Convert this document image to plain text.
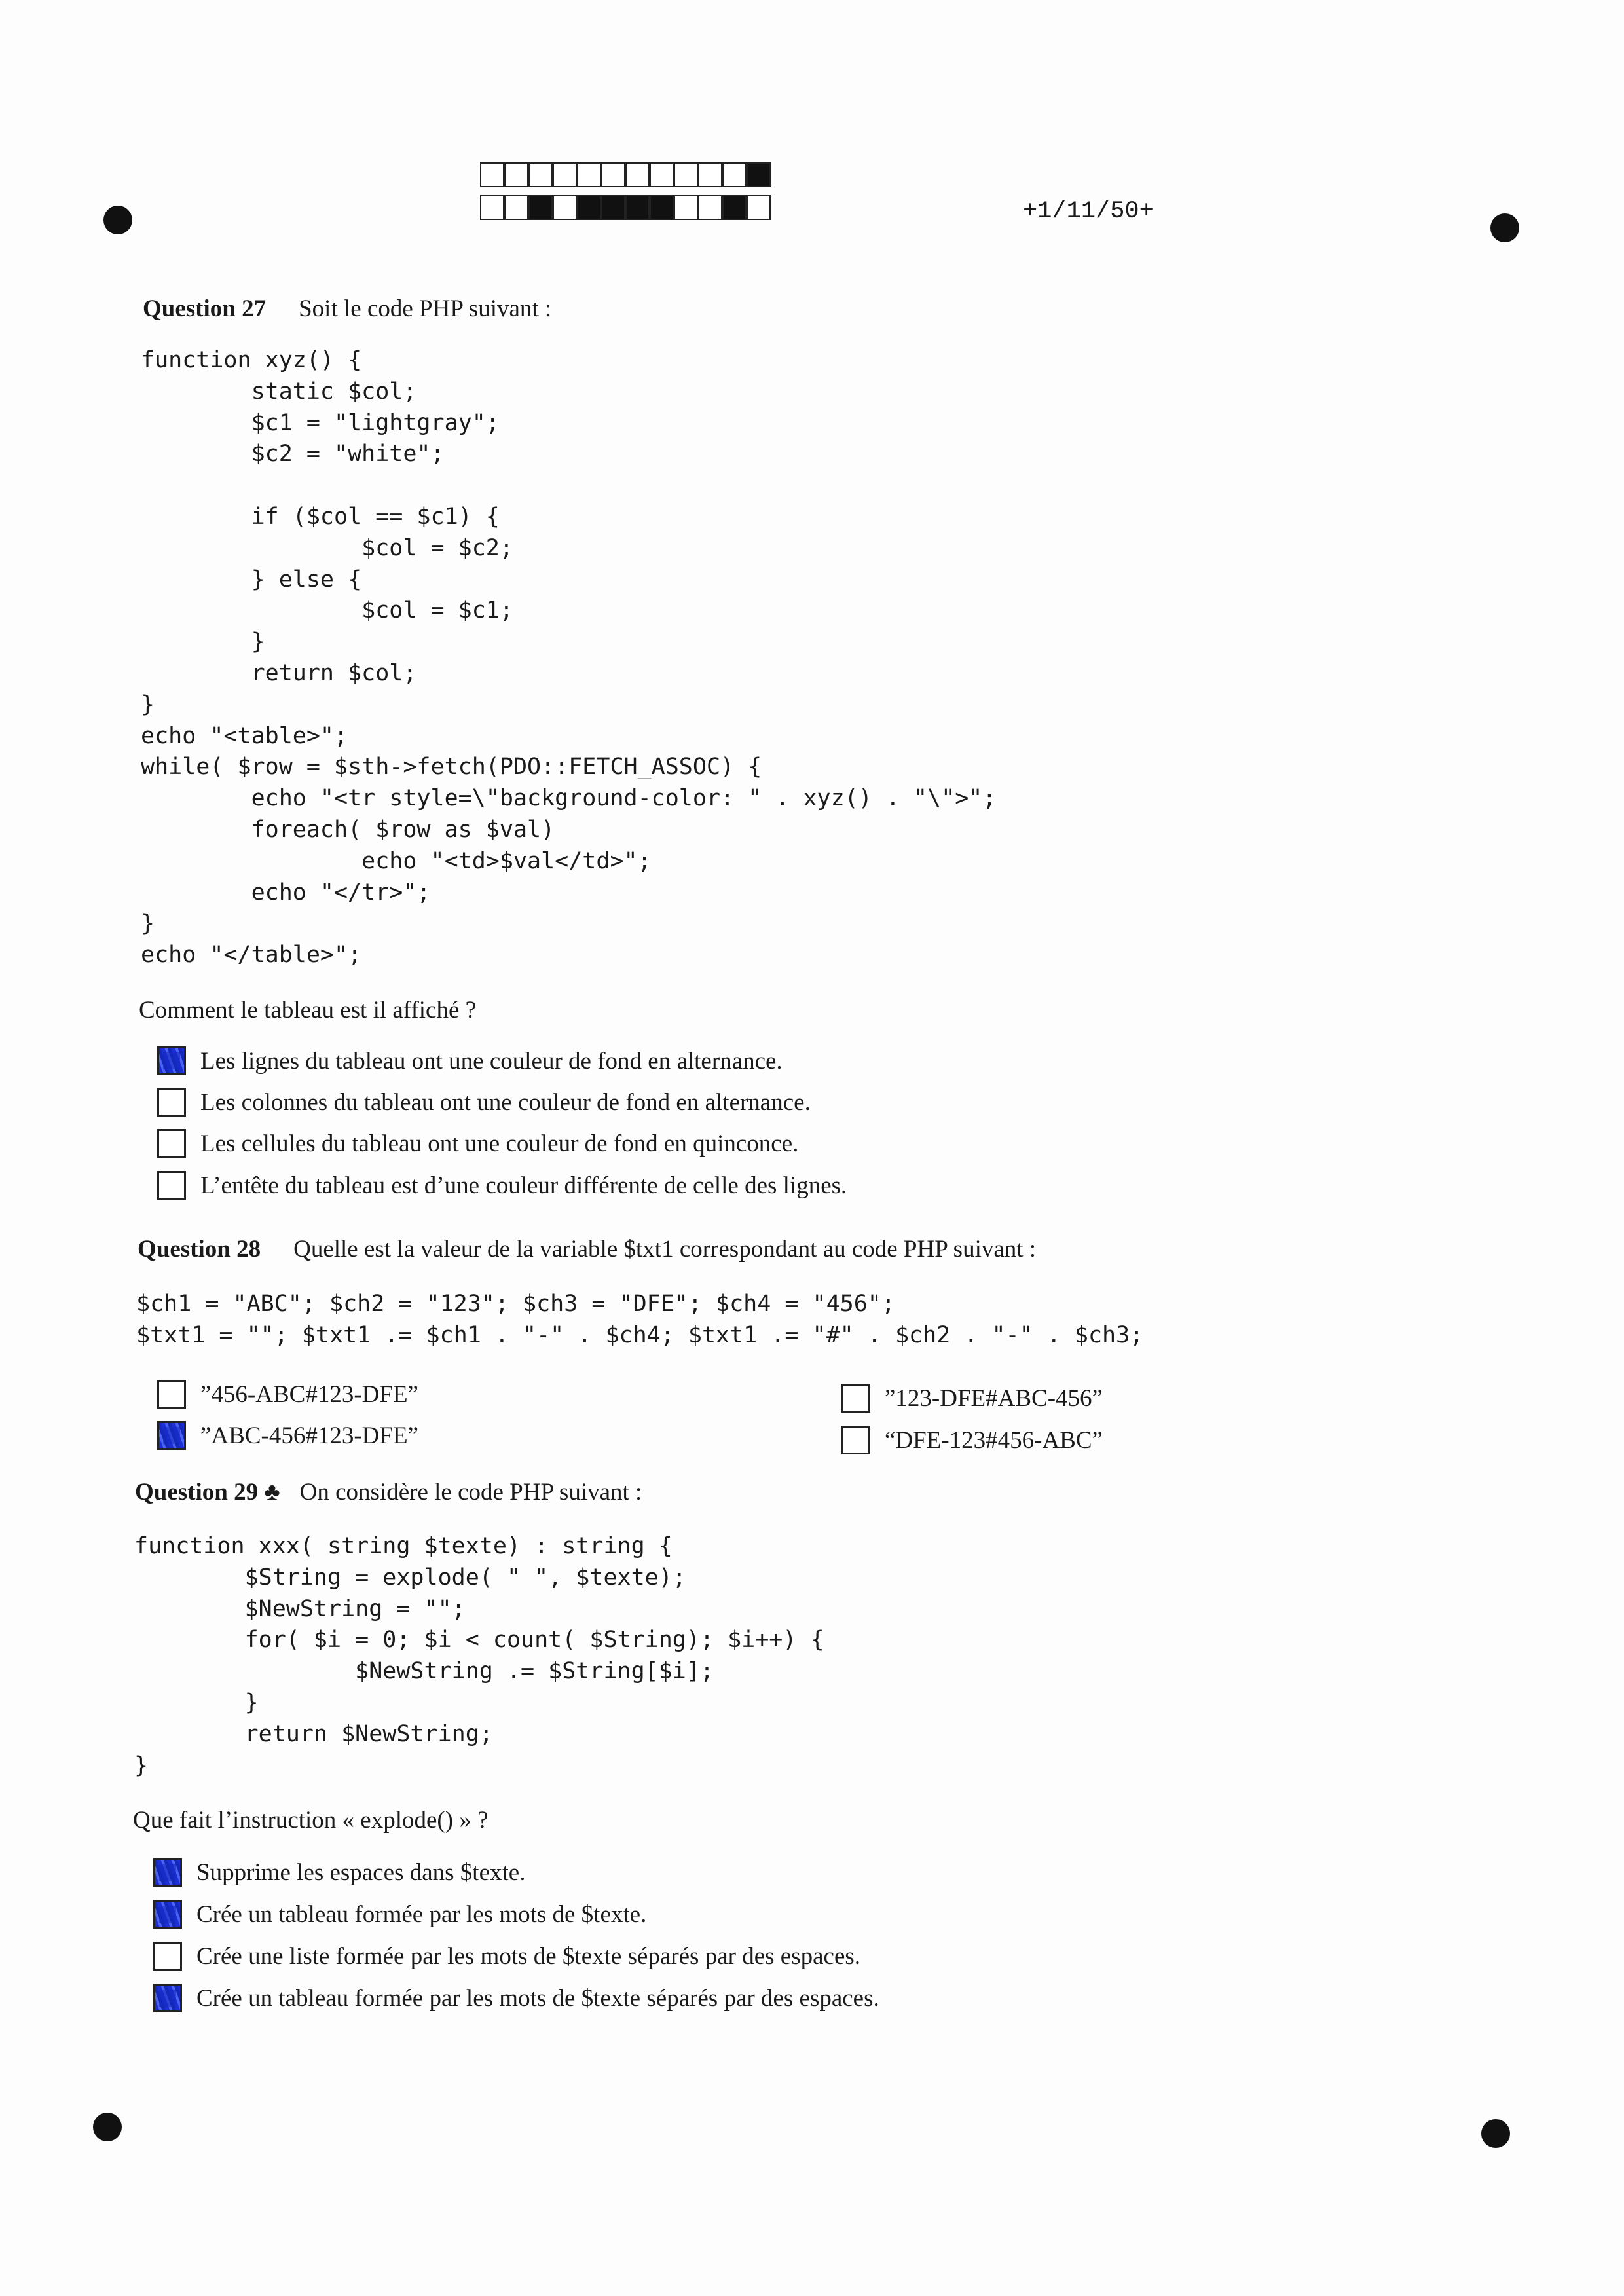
+1/11/50+
Question 27 Soit le code PHP suivant :
function xyz() {
static $col;
$c1 = "lightgray";
$c2 = "white";

if ($col == $c1) {
$col = $c2;
} else {
$col = $c1;
}
return $col;
}
echo "<table>";
while( $row = $sth->fetch(PDO::FETCH_ASSOC) {
echo "<tr style=\"background-color: " . xyz() . "\">";
foreach( $row as $val)
echo "<td>$val</td>";
echo "</tr>";
}
echo "</table>";
Comment le tableau est il affiché ?
Les lignes du tableau ont une couleur de fond en alternance.
Les colonnes du tableau ont une couleur de fond en alternance.
Les cellules du tableau ont une couleur de fond en quinconce.
L’entête du tableau est d’une couleur différente de celle des lignes.
Question 28 Quelle est la valeur de la variable $txt1 correspondant au code PHP suivant :
$ch1 = "ABC"; $ch2 = "123"; $ch3 = "DFE"; $ch4 = "456";
$txt1 = ""; $txt1 .= $ch1 . "-" . $ch4; $txt1 .= "#" . $ch2 . "-" . $ch3;
”456-ABC#123-DFE”
”ABC-456#123-DFE”
”123-DFE#ABC-456”
“DFE-123#456-ABC”
Question 29 ♣ On considère le code PHP suivant :
function xxx( string $texte) : string {
$String = explode( " ", $texte);
$NewString = "";
for( $i = 0; $i < count( $String); $i++) {
$NewString .= $String[$i];
}
return $NewString;
}
Que fait l’instruction « explode() » ?
Supprime les espaces dans $texte.
Crée un tableau formée par les mots de $texte.
Crée une liste formée par les mots de $texte séparés par des espaces.
Crée un tableau formée par les mots de $texte séparés par des espaces.
